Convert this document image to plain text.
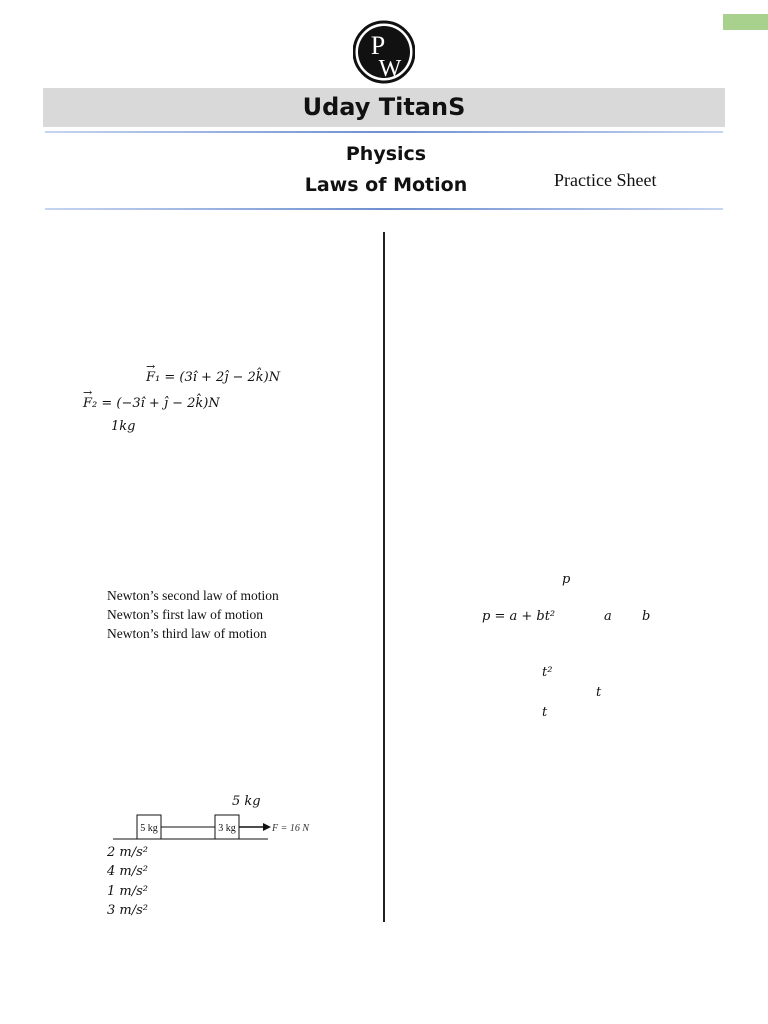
P
W
Uday TitanS
Physics
Laws of Motion	Practice Sheet
→ F₁ = (3î + 2ĵ − 2k̂)N
→ F₂ = (−3î + ĵ − 2k̂)N
1kg
Newton’s second law of motion
Newton’s first law of motion
Newton’s third law of motion
5 kg
5 kg	3 kg	F = 16 N
2 m/s²
4 m/s²
1 m/s²
3 m/s²
p
p = a + bt²	a b
t²
t
t
